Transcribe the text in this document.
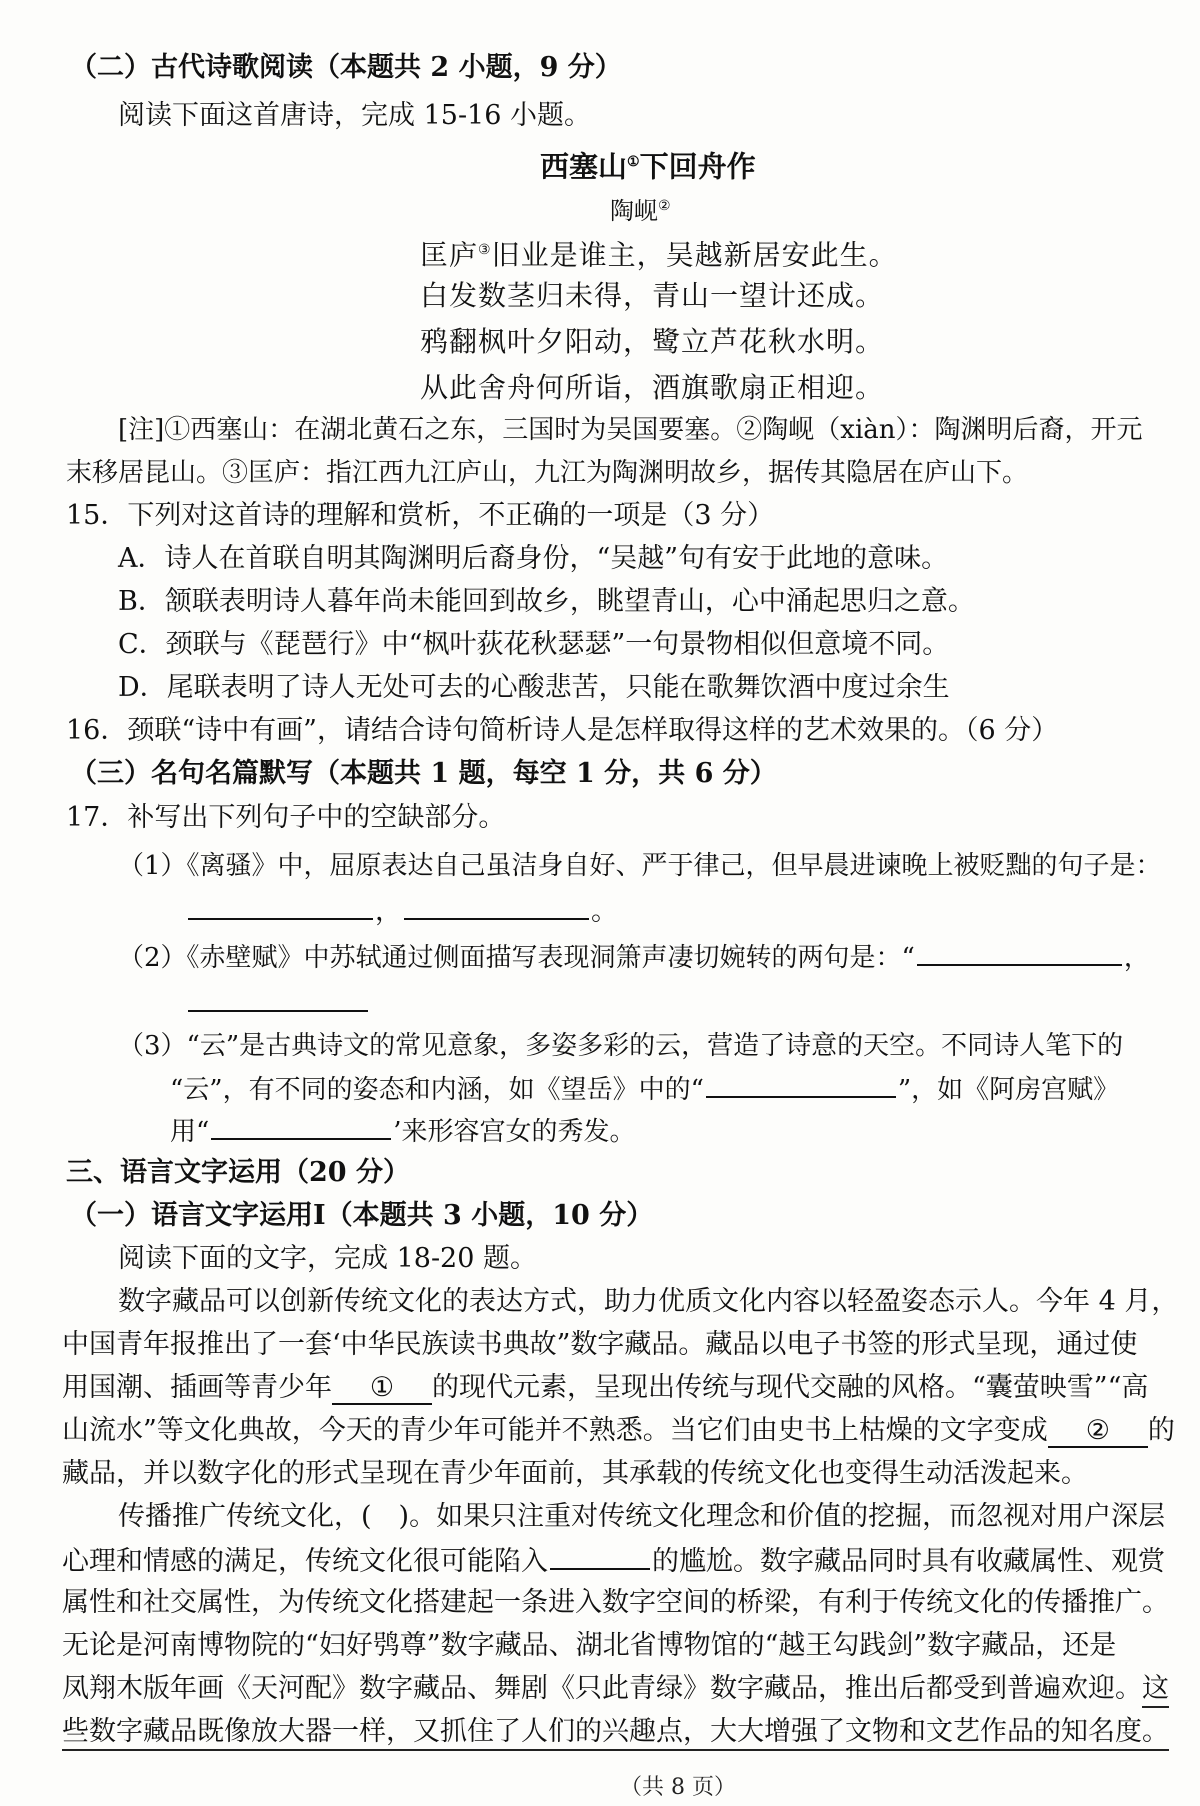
（二）古代诗歌阅读（本题共 2 小题，9 分）
阅读下面这首唐诗，完成 15-16 小题。
西塞山①下回舟作
陶岘②
匡庐③旧业是谁主，吴越新居安此生。
白发数茎归未得，青山一望计还成。
鸦翻枫叶夕阳动，鹭立芦花秋水明。
从此舍舟何所诣，酒旗歌扇正相迎。
[注]①西塞山：在湖北黄石之东，三国时为吴国要塞。②陶岘（xiàn）：陶渊明后裔，开元
末移居昆山。③匡庐：指江西九江庐山，九江为陶渊明故乡，据传其隐居在庐山下。
15．下列对这首诗的理解和赏析，不正确的一项是（3 分）
A．诗人在首联自明其陶渊明后裔身份，“吴越”句有安于此地的意味。
B．颔联表明诗人暮年尚未能回到故乡，眺望青山，心中涌起思归之意。
C．颈联与《琵琶行》中“枫叶荻花秋瑟瑟”一句景物相似但意境不同。
D．尾联表明了诗人无处可去的心酸悲苦，只能在歌舞饮酒中度过余生
16．颈联“诗中有画”，请结合诗句简析诗人是怎样取得这样的艺术效果的。（6 分）
（三）名句名篇默写（本题共 1 题，每空 1 分，共 6 分）
17．补写出下列句子中的空缺部分。
（1）《离骚》中，屈原表达自己虽洁身自好、严于律己，但早晨进谏晚上被贬黜的句子是：
，	。
（2）《赤壁赋》中苏轼通过侧面描写表现洞箫声凄切婉转的两句是：“	，
（3）“云”是古典诗文的常见意象，多姿多彩的云，营造了诗意的天空。不同诗人笔下的
“云”，有不同的姿态和内涵，如《望岳》中的“	”，如《阿房宫赋》
用“	’来形容宫女的秀发。
三、语言文字运用（20 分）
（一）语言文字运用Ⅰ（本题共 3 小题，10 分）
阅读下面的文字，完成 18-20 题。
数字藏品可以创新传统文化的表达方式，助力优质文化内容以轻盈姿态示人。今年 4 月，
中国青年报推出了一套‘中华民族读书典故”数字藏品。藏品以电子书签的形式呈现，通过使
用国潮、插画等青少年 ① 的现代元素，呈现出传统与现代交融的风格。“囊萤映雪”“高
山流水”等文化典故，今天的青少年可能并不熟悉。当它们由史书上枯燥的文字变成 ② 的
藏品，并以数字化的形式呈现在青少年面前，其承载的传统文化也变得生动活泼起来。
传播推广传统文化，(　)。如果只注重对传统文化理念和价值的挖掘，而忽视对用户深层
心理和情感的满足，传统文化很可能陷入	的尴尬。数字藏品同时具有收藏属性、观赏
属性和社交属性，为传统文化搭建起一条进入数字空间的桥梁，有利于传统文化的传播推广。
无论是河南博物院的“妇好鸮尊”数字藏品、湖北省博物馆的“越王勾践剑”数字藏品，还是
凤翔木版年画《天河配》数字藏品、舞剧《只此青绿》数字藏品，推出后都受到普遍欢迎。这
些数字藏品既像放大器一样，又抓住了人们的兴趣点，大大增强了文物和文艺作品的知名度。
（共 8 页）
